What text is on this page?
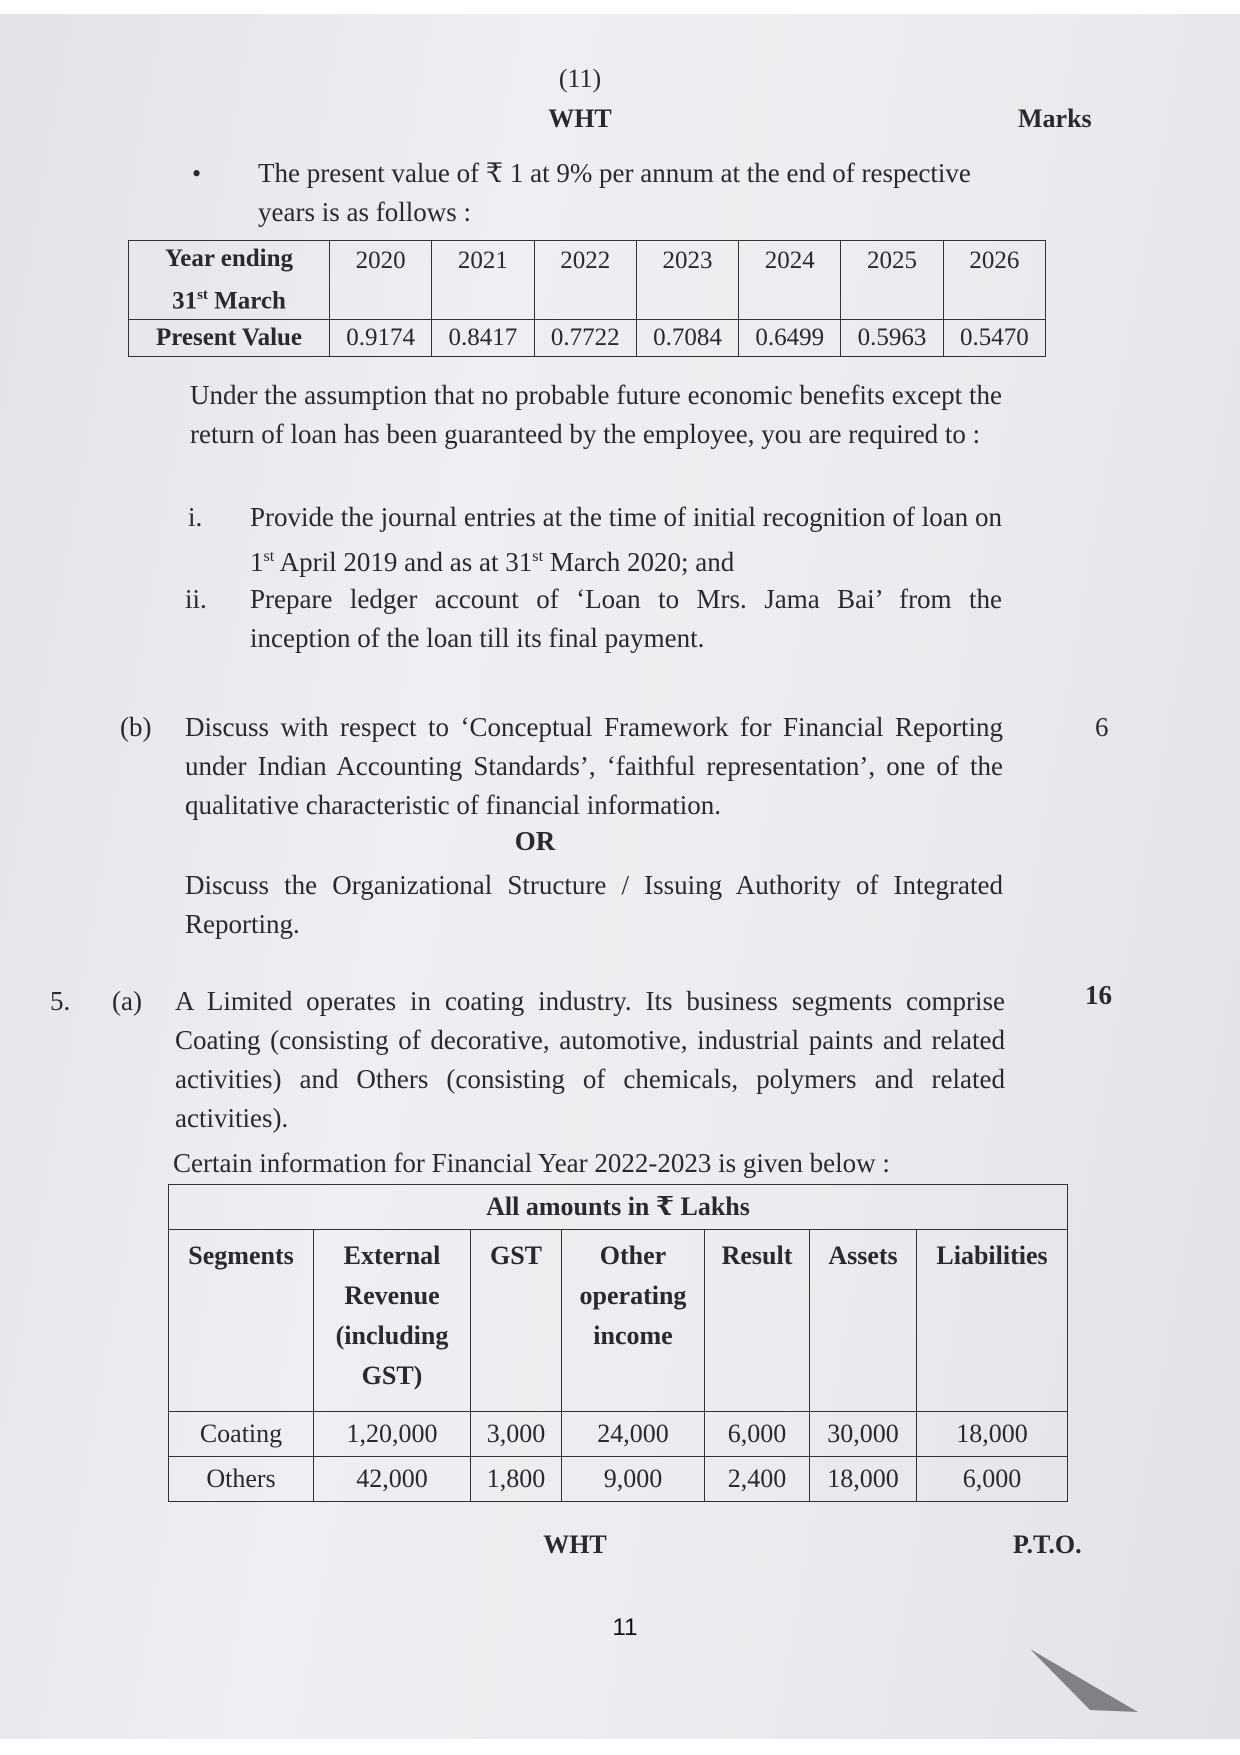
(11)
WHT	Marks
• The present value of ₹ 1 at 9% per annum at the end of respective
years is as follows :
Year ending
31st March	2020	2021	2022	2023	2024	2025	2026
Present Value	0.9174	0.8417	0.7722	0.7084	0.6499	0.5963	0.5470
Under the assumption that no probable future economic benefits except the return of loan has been guaranteed by the employee, you are required to :
i. Provide the journal entries at the time of initial recognition of loan on 1st April 2019 and as at 31st March 2020; and
ii. Prepare ledger account of ‘Loan to Mrs. Jama Bai’ from the inception of the loan till its final payment.
(b) Discuss with respect to ‘Conceptual Framework for Financial Reporting under Indian Accounting Standards’, ‘faithful representation’, one of the qualitative characteristic of financial information.
6
OR
Discuss the Organizational Structure / Issuing Authority of Integrated Reporting.
5. (a) A Limited operates in coating industry. Its business segments comprise Coating (consisting of decorative, automotive, industrial paints and related activities) and Others (consisting of chemicals, polymers and related activities).
16
Certain information for Financial Year 2022-2023 is given below :
All amounts in ₹ Lakhs						
Segments	External Revenue (including GST)	GST	Other operating income	Result	Assets	Liabilities
Coating	1,20,000	3,000	24,000	6,000	30,000	18,000
Others	42,000	1,800	9,000	2,400	18,000	6,000
WHT	P.T.O.
11
